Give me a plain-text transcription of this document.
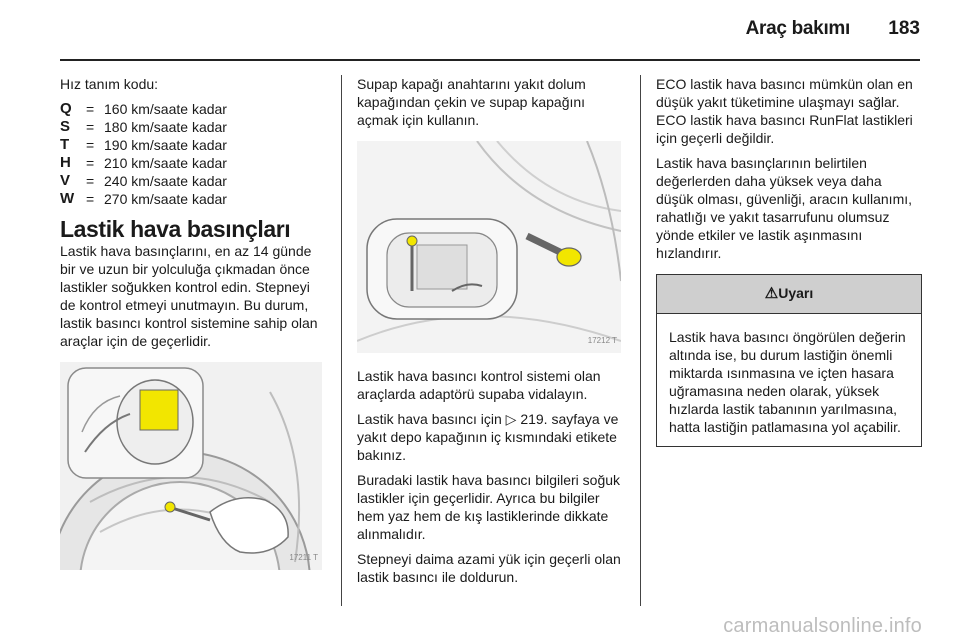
Araç bakımı 183

Hız tanım kodu:

Q	=	160 km/saate kadar
S	=	180 km/saate kadar
T	=	190 km/saate kadar
H	=	210 km/saate kadar
V	=	240 km/saate kadar
W	=	270 km/saate kadar
Lastik hava basınçları

Lastik hava basınçlarını, en az 14 günde bir ve uzun bir yolculuğa çıkmadan önce lastikler soğukken kontrol edin. Stepneyi de kontrol etmeyi unutmayın. Bu durum, lastik basıncı kontrol sistemine sahip olan araçlar için de geçerlidir.

17211 T

Supap kapağı anahtarını yakıt dolum kapağından çekin ve supap kapağını açmak için kullanın.

17212 T

Lastik hava basıncı kontrol sistemi olan araçlarda adaptörü supaba vidalayın.

Lastik hava basıncı için ▷ 219. sayfaya ve yakıt depo kapağının iç kısmındaki etikete bakınız.

Buradaki lastik hava basıncı bilgileri soğuk lastikler için geçerlidir. Ayrıca bu bilgiler hem yaz hem de kış lastiklerinde dikkate alınmalıdır.

Stepneyi daima azami yük için geçerli olan lastik basıncı ile doldurun.

ECO lastik hava basıncı mümkün olan en düşük yakıt tüketimine ulaşmayı sağlar. ECO lastik hava basıncı RunFlat lastikleri için geçerli değildir.

Lastik hava basınçlarının belirtilen değerlerden daha yüksek veya daha düşük olması, güvenliği, aracın kullanımı, rahatlığı ve yakıt tasarrufunu olumsuz yönde etkiler ve lastik aşınmasını hızlandırır.

⚠Uyarı
Lastik hava basıncı öngörülen değerin altında ise, bu durum lastiğin önemli miktarda ısınmasına ve içten hasara uğramasına neden olarak, yüksek hızlarda lastik tabanının yarılmasına, hatta lastiğin patlamasına yol açabilir.
carmanualsonline.info
